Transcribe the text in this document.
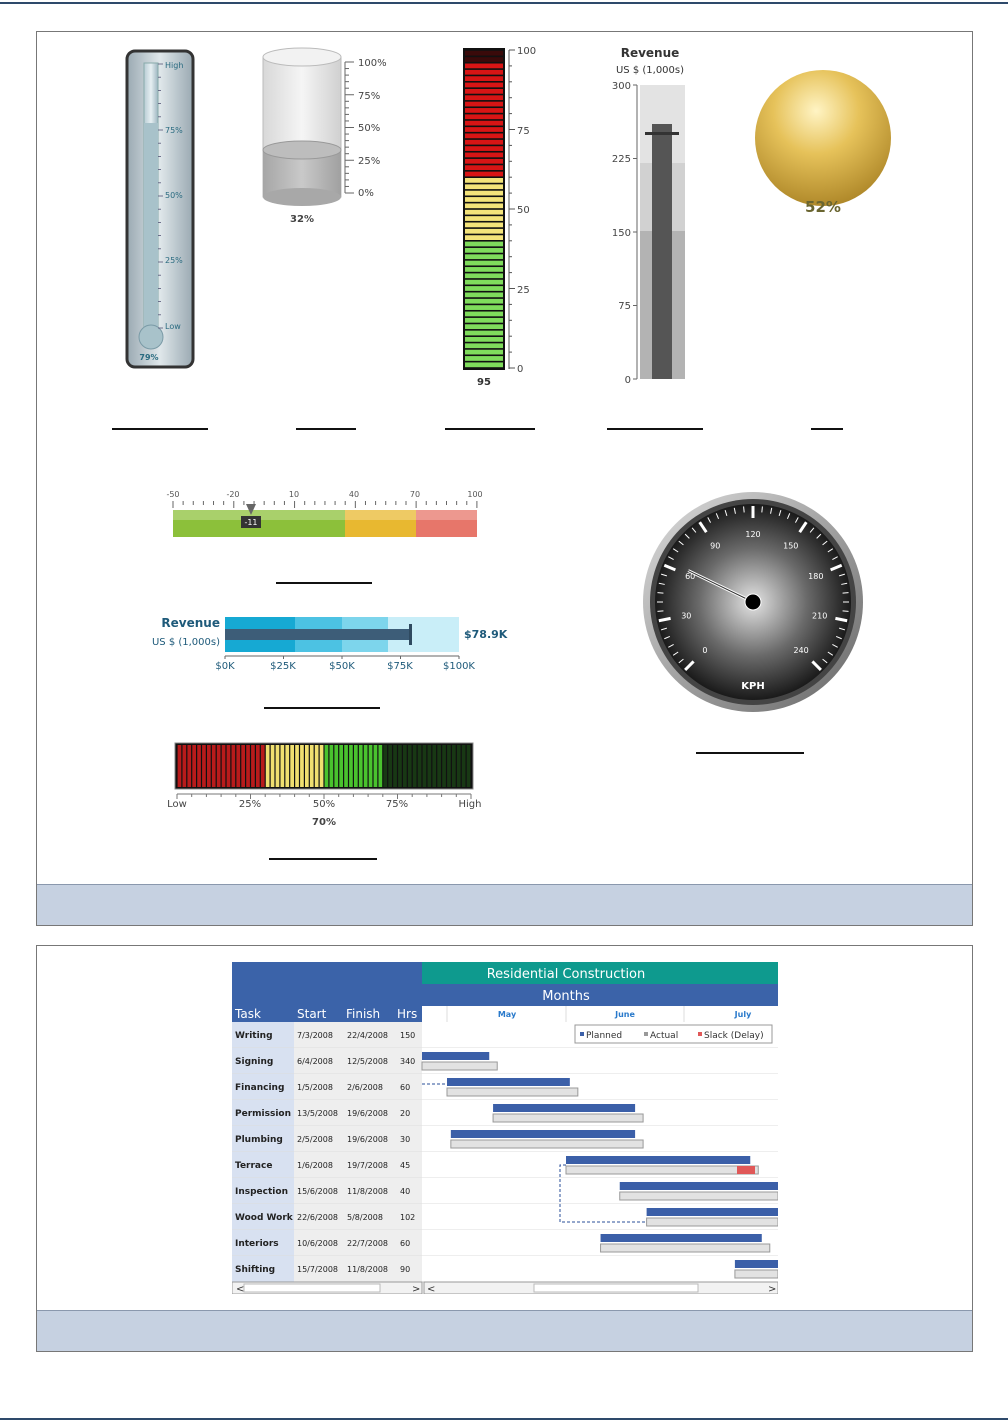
High
75%
50%
25%
Low
79%
100%
75%
50%
25%
0%
32%
100
75
50
25
0
95
Revenue
US $ (1,000s)
300
225
150
75
0
52%
-50	-20	10	40	70	100
-11
Revenue
US $ (1,000s)
$78.9K
$0K	$25K	$50K	$75K	$100K
Low	25%	50%	75%	High
70%
0
30
60
90
120
150
180
210
240
KPH
Residential Construction
Months
Task	Start Finish Hrs	May	June	July
Writing	7/3/2008 22/4/2008 150
Signing	6/4/2008 12/5/2008 340
Financing 1/5/2008 2/6/2008 60
Permission 13/5/2008 19/6/2008 20
Plumbing 2/5/2008 19/6/2008 30
Terrace	1/6/2008 19/7/2008 45
Inspection 15/6/2008 11/8/2008 40
Wood Work 22/6/2008 5/8/2008 102
Interiors 10/6/2008 22/7/2008 60
Shifting	15/7/2008 11/8/2008 90
Planned	Actual	Slack (Delay)
<	> <	>
